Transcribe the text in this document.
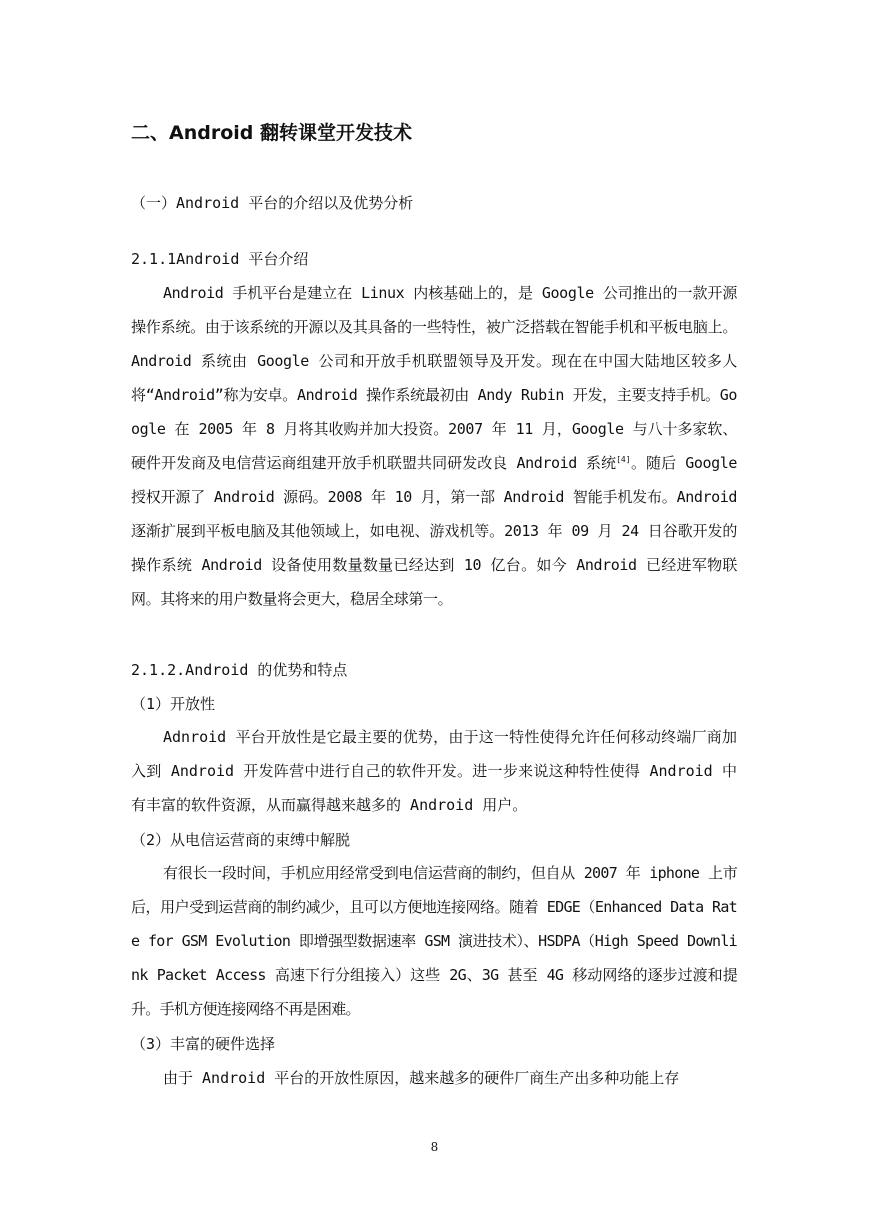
二、Android 翻转课堂开发技术

（一）Android 平台的介绍以及优势分析

2.1.1Android 平台介绍

Android 手机平台是建立在 Linux 内核基础上的，是 Google 公司推出的一款开源操作系统。由于该系统的开源以及其具备的一些特性，被广泛搭载在智能手机和平板电脑上。Android 系统由 Google 公司和开放手机联盟领导及开发。现在在中国大陆地区较多人将“Android”称为安卓。Android 操作系统最初由 Andy Rubin 开发，主要支持手机。Google 在 2005 年 8 月将其收购并加大投资。2007 年 11 月，Google 与八十多家软、硬件开发商及电信营运商组建开放手机联盟共同研发改良 Android 系统[4]。随后 Google 授权开源了 Android 源码。2008 年 10 月，第一部 Android 智能手机发布。Android 逐渐扩展到平板电脑及其他领域上，如电视、游戏机等。2013 年 09 月 24 日谷歌开发的操作系统 Android 设备使用数量数量已经达到 10 亿台。如今 Android 已经进军物联网。其将来的用户数量将会更大，稳居全球第一。

2.1.2.Android 的优势和特点

（1）开放性

Adnroid 平台开放性是它最主要的优势，由于这一特性使得允许任何移动终端厂商加入到 Android 开发阵营中进行自己的软件开发。进一步来说这种特性使得 Android 中有丰富的软件资源，从而赢得越来越多的 Android 用户。

（2）从电信运营商的束缚中解脱

有很长一段时间，手机应用经常受到电信运营商的制约，但自从 2007 年 iphone 上市后，用户受到运营商的制约减少，且可以方便地连接网络。随着 EDGE（Enhanced Data Rate for GSM Evolution 即增强型数据速率 GSM 演进技术）、HSDPA（High Speed Downlink Packet Access 高速下行分组接入）这些 2G、3G 甚至 4G 移动网络的逐步过渡和提升。手机方便连接网络不再是困难。

（3）丰富的硬件选择

由于 Android 平台的开放性原因，越来越多的硬件厂商生产出多种功能上存

8
